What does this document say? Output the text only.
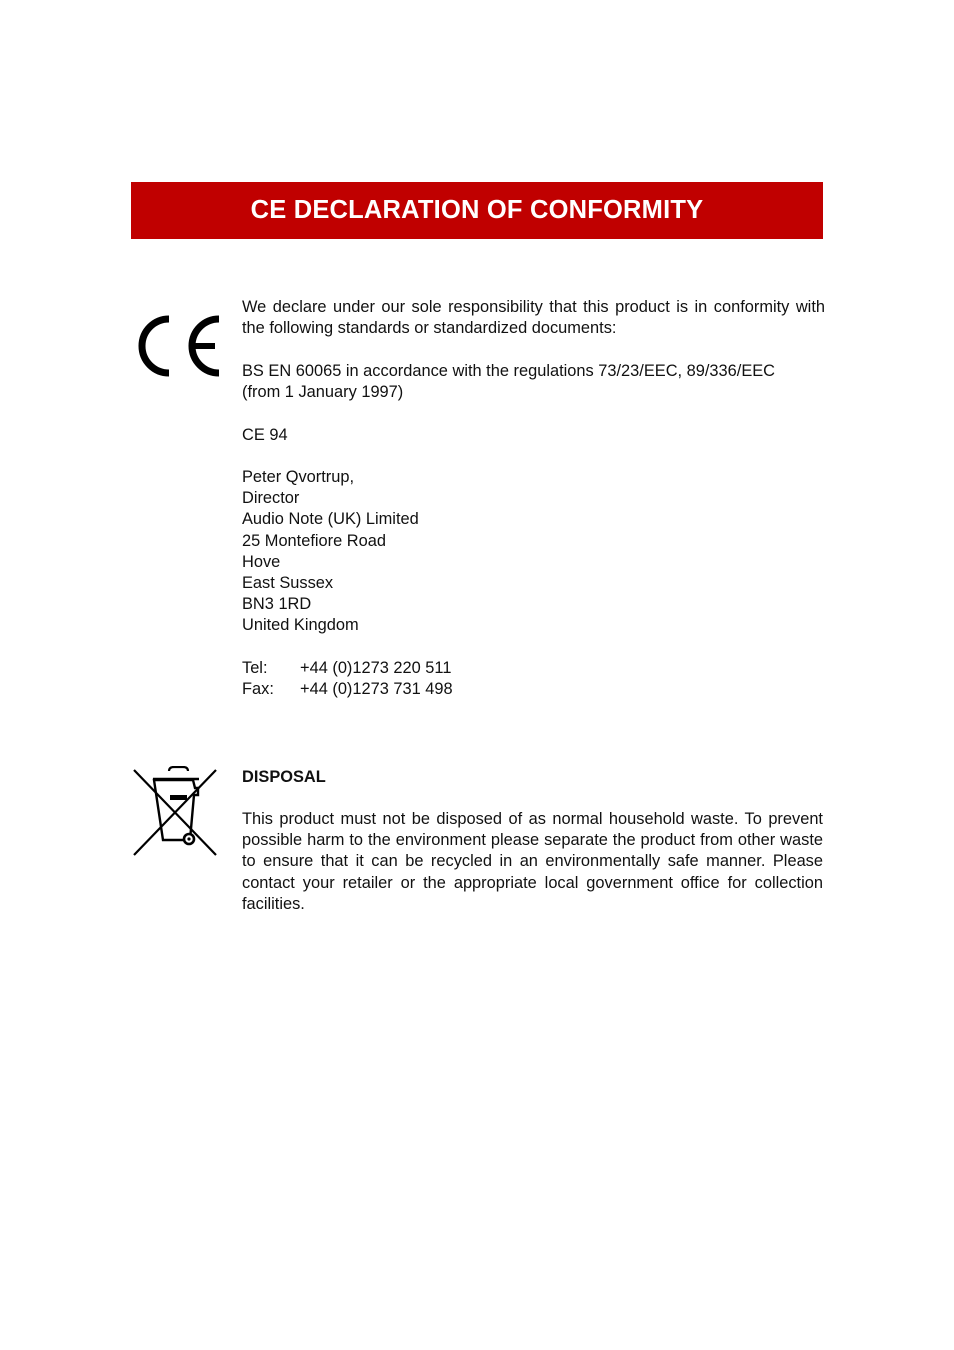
CE DECLARATION OF CONFORMITY
We declare under our sole responsibility that this product is in conformity with the following standards or standardized documents:
BS EN 60065 in accordance with the regulations 73/23/EEC, 89/336/EEC
(from 1 January 1997)
CE 94
Peter Qvortrup,
Director
Audio Note (UK) Limited
25 Montefiore Road
Hove
East Sussex
BN3 1RD
United Kingdom
Tel: +44 (0)1273 220 511
Fax: +44 (0)1273 731 498
DISPOSAL
This product must not be disposed of as normal household waste. To prevent possible harm to the environment please separate the product from other waste to ensure that it can be recycled in an environmentally safe manner. Please contact your retailer or the appropriate local government office for collection facilities.
